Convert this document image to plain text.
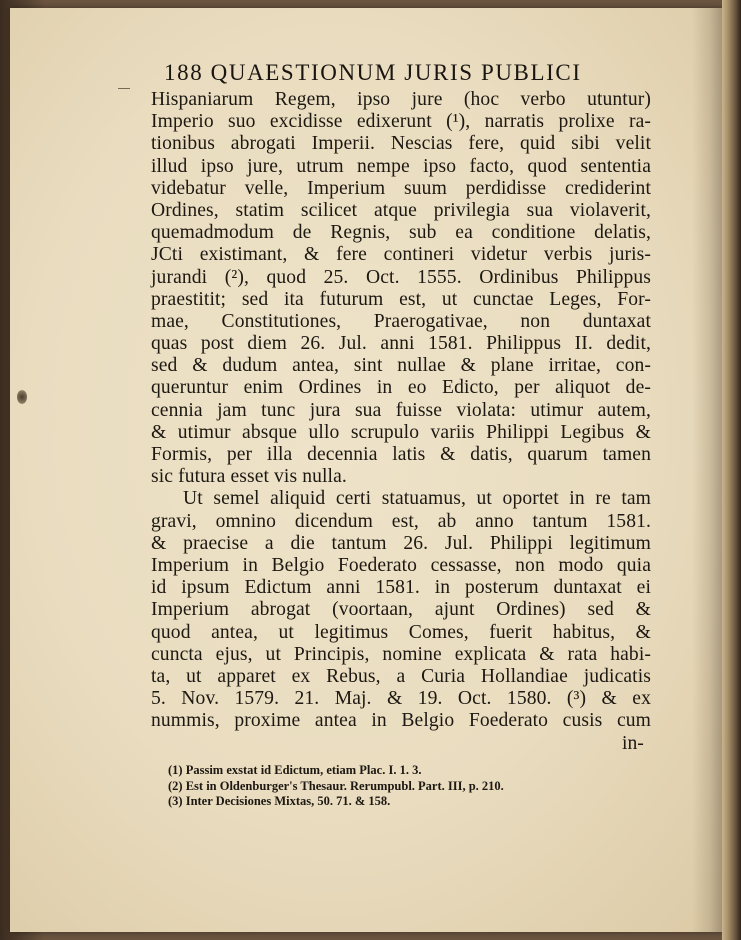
188 QUAESTIONUM JURIS PUBLICI
Hispaniarum Regem, ipso jure (hoc verbo utuntur)
Imperio suo excidisse edixerunt (¹), narratis prolixe ra-
tionibus abrogati Imperii. Nescias fere, quid sibi velit
illud ipso jure, utrum nempe ipso facto, quod sententia
videbatur velle, Imperium suum perdidisse crediderint
Ordines, statim scilicet atque privilegia sua violaverit,
quemadmodum de Regnis, sub ea conditione delatis,
JCti existimant, & fere contineri videtur verbis juris-
jurandi (²), quod 25. Oct. 1555. Ordinibus Philippus
praestitit; sed ita futurum est, ut cunctae Leges, For-
mae, Constitutiones, Praerogativae, non duntaxat
quas post diem 26. Jul. anni 1581. Philippus II. dedit,
sed & dudum antea, sint nullae & plane irritae, con-
queruntur enim Ordines in eo Edicto, per aliquot de-
cennia jam tunc jura sua fuisse violata: utimur autem,
& utimur absque ullo scrupulo variis Philippi Legibus &
Formis, per illa decennia latis & datis, quarum tamen
sic futura esset vis nulla.
Ut semel aliquid certi statuamus, ut oportet in re tam
gravi, omnino dicendum est, ab anno tantum 1581.
& praecise a die tantum 26. Jul. Philippi legitimum
Imperium in Belgio Foederato cessasse, non modo quia
id ipsum Edictum anni 1581. in posterum duntaxat ei
Imperium abrogat (voortaan, ajunt Ordines) sed &
quod antea, ut legitimus Comes, fuerit habitus, &
cuncta ejus, ut Principis, nomine explicata & rata habi-
ta, ut apparet ex Rebus, a Curia Hollandiae judicatis
5. Nov. 1579. 21. Maj. & 19. Oct. 1580. (³) & ex
nummis, proxime antea in Belgio Foederato cusis cum
in-
(1) Passim exstat id Edictum, etiam Plac. I. 1. 3.
(2) Est in Oldenburger's Thesaur. Rerumpubl. Part. III, p. 210.
(3) Inter Decisiones Mixtas, 50. 71. & 158.
